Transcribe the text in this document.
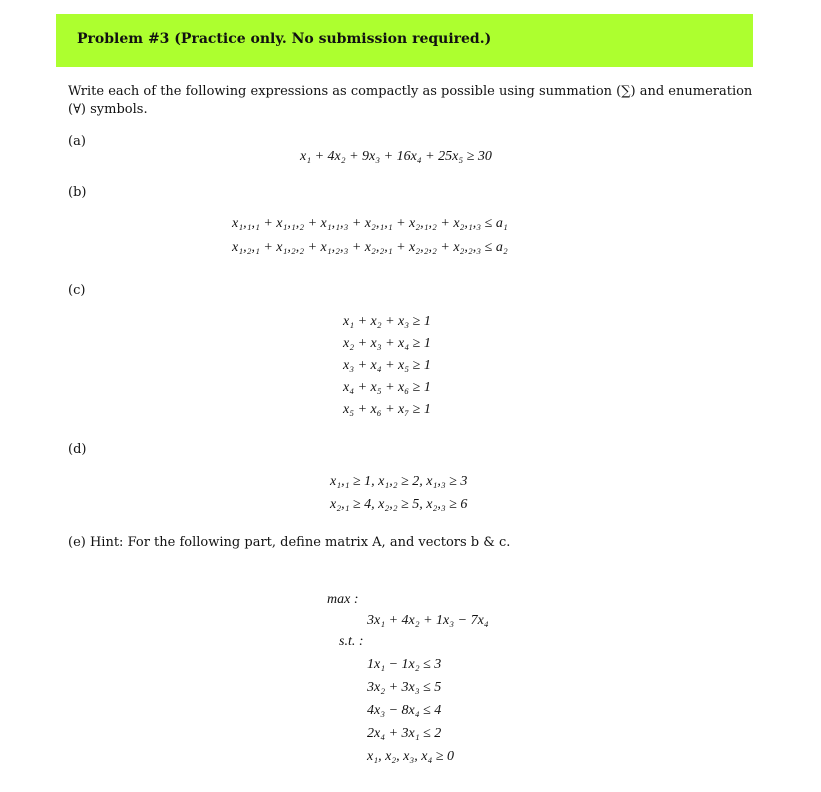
Problem #3 (Practice only. No submission required.)
Write each of the following expressions as compactly as possible using summation (∑) and enumeration (∀) symbols.
(a)
x₁ + 4x₂ + 9x₃ + 16x₄ + 25x₅ ≥ 30
(b)
x₁,₁,₁ + x₁,₁,₂ + x₁,₁,₃ + x₂,₁,₁ + x₂,₁,₂ + x₂,₁,₃ ≤ a₁
x₁,₂,₁ + x₁,₂,₂ + x₁,₂,₃ + x₂,₂,₁ + x₂,₂,₂ + x₂,₂,₃ ≤ a₂
(c)
x₁ + x₂ + x₃ ≥ 1
x₂ + x₃ + x₄ ≥ 1
x₃ + x₄ + x₅ ≥ 1
x₄ + x₅ + x₆ ≥ 1
x₅ + x₆ + x₇ ≥ 1
(d)
x₁,₁ ≥ 1, x₁,₂ ≥ 2, x₁,₃ ≥ 3
x₂,₁ ≥ 4, x₂,₂ ≥ 5, x₂,₃ ≥ 6
(e) Hint: For the following part, define matrix A, and vectors b & c.
max :
3x₁ + 4x₂ + 1x₃ − 7x₄
s.t. :
1x₁ − 1x₂ ≤ 3
3x₂ + 3x₃ ≤ 5
4x₃ − 8x₄ ≤ 4
2x₄ + 3x₁ ≤ 2
x₁, x₂, x₃, x₄ ≥ 0
